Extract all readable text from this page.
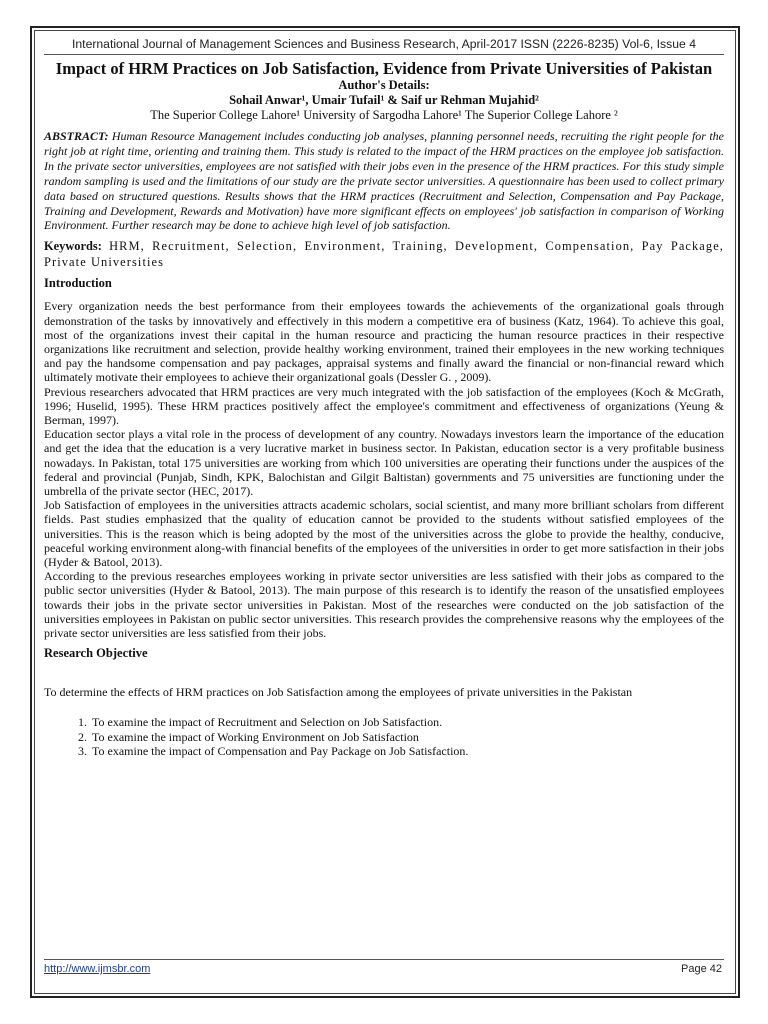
International Journal of Management Sciences and Business Research, April-2017 ISSN (2226-8235) Vol-6, Issue 4
Impact of HRM Practices on Job Satisfaction, Evidence from Private Universities of Pakistan
Author's Details:
Sohail Anwar¹, Umair Tufail¹ & Saif ur Rehman Mujahid²
The Superior College Lahore¹ University of Sargodha Lahore¹ The Superior College Lahore ²
ABSTRACT: Human Resource Management includes conducting job analyses, planning personnel needs, recruiting the right people for the right job at right time, orienting and training them. This study is related to the impact of the HRM practices on the employee job satisfaction. In the private sector universities, employees are not satisfied with their jobs even in the presence of the HRM practices. For this study simple random sampling is used and the limitations of our study are the private sector universities. A questionnaire has been used to collect primary data based on structured questions. Results shows that the HRM practices (Recruitment and Selection, Compensation and Pay Package, Training and Development, Rewards and Motivation) have more significant effects on employees' job satisfaction in comparison of Working Environment. Further research may be done to achieve high level of job satisfaction.
Keywords: HRM, Recruitment, Selection, Environment, Training, Development, Compensation, Pay Package, Private Universities
Introduction

Every organization needs the best performance from their employees towards the achievements of the organizational goals through demonstration of the tasks by innovatively and effectively in this modern a competitive era of business (Katz, 1964). To achieve this goal, most of the organizations invest their capital in the human resource and practicing the human resource practices in their respective organizations like recruitment and selection, provide healthy working environment, trained their employees in the new working techniques and pay the handsome compensation and pay packages, appraisal systems and finally award the financial or non-financial reward which ultimately motivate their employees to achieve their organizational goals (Dessler G. , 2009).

Previous researchers advocated that HRM practices are very much integrated with the job satisfaction of the employees (Koch & McGrath, 1996; Huselid, 1995). These HRM practices positively affect the employee's commitment and effectiveness of organizations (Yeung & Berman, 1997).

Education sector plays a vital role in the process of development of any country. Nowadays investors learn the importance of the education and get the idea that the education is a very lucrative market in business sector. In Pakistan, education sector is a very profitable business nowadays. In Pakistan, total 175 universities are working from which 100 universities are operating their functions under the auspices of the federal and provincial (Punjab, Sindh, KPK, Balochistan and Gilgit Baltistan) governments and 75 universities are functioning under the umbrella of the private sector (HEC, 2017).

Job Satisfaction of employees in the universities attracts academic scholars, social scientist, and many more brilliant scholars from different fields. Past studies emphasized that the quality of education cannot be provided to the students without satisfied employees of the universities. This is the reason which is being adopted by the most of the universities across the globe to provide the healthy, conducive, peaceful working environment along-with financial benefits of the employees of the universities in order to get more satisfaction in their jobs (Hyder & Batool, 2013).

According to the previous researches employees working in private sector universities are less satisfied with their jobs as compared to the public sector universities (Hyder & Batool, 2013). The main purpose of this research is to identify the reason of the unsatisfied employees towards their jobs in the private sector universities in Pakistan. Most of the researches were conducted on the job satisfaction of the universities employees in Pakistan on public sector universities. This research provides the comprehensive reasons why the employees of the private sector universities are less satisfied from their jobs.

Research Objective
To determine the effects of HRM practices on Job Satisfaction among the employees of private universities in the Pakistan
1. To examine the impact of Recruitment and Selection on Job Satisfaction.
2. To examine the impact of Working Environment on Job Satisfaction
3. To examine the impact of Compensation and Pay Package on Job Satisfaction.
http://www.ijmsbr.com	Page 42
